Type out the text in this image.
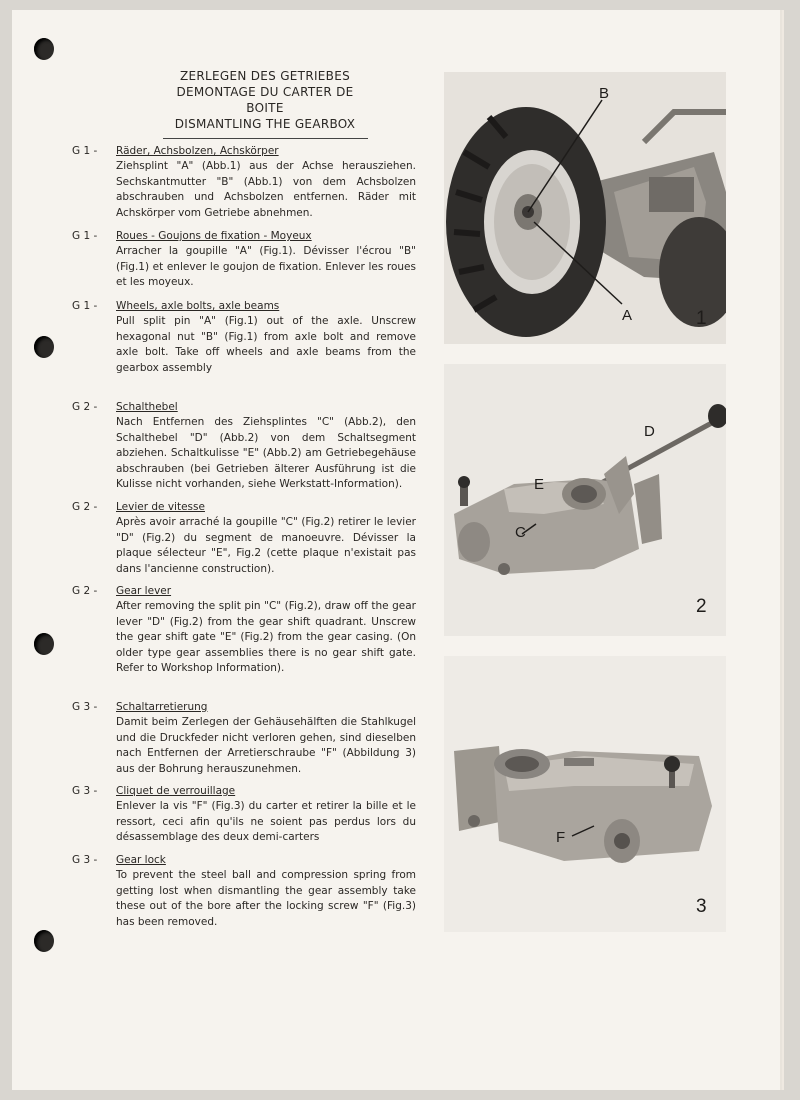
ZERLEGEN DES GETRIEBES
DEMONTAGE DU CARTER DE BOITE
DISMANTLING THE GEARBOX
G 1 -	Räder, Achsbolzen, Achskörper
Ziehsplint "A" (Abb.1) aus der Achse herausziehen. Sechskantmutter "B" (Abb.1) von dem Achsbolzen abschrauben und Achsbolzen entfernen. Räder mit Achskörper vom Getriebe abnehmen.
G 1 -	Roues - Goujons de fixation - Moyeux
Arracher la goupille "A" (Fig.1). Dévisser l'écrou "B" (Fig.1) et enlever le goujon de fixation. Enlever les roues et les moyeux.
G 1 -	Wheels, axle bolts, axle beams
Pull split pin "A" (Fig.1) out of the axle. Unscrew hexagonal nut "B" (Fig.1) from axle bolt and remove axle bolt. Take off wheels and axle beams from the gearbox assembly
G 2 -	Schalthebel
Nach Entfernen des Ziehsplintes "C" (Abb.2), den Schalthebel "D" (Abb.2) von dem Schaltsegment abziehen. Schaltkulisse "E" (Abb.2) am Getriebegehäuse abschrauben (bei Getrieben älterer Ausführung ist die Kulisse nicht vorhanden, siehe Werkstatt-Information).
G 2 -	Levier de vitesse
Après avoir arraché la goupille "C" (Fig.2) retirer le levier "D" (Fig.2) du segment de manoeuvre. Dévisser la plaque sélecteur "E", Fig.2 (cette plaque n'existait pas dans l'ancienne construction).
G 2 -	Gear lever
After removing the split pin "C" (Fig.2), draw off the gear lever "D" (Fig.2) from the gear shift quadrant. Unscrew the gear shift gate "E" (Fig.2) from the gear casing. (On older type gear assemblies there is no gear shift gate. Refer to Workshop Information).
G 3 -	Schaltarretierung
Damit beim Zerlegen der Gehäusehälften die Stahlkugel und die Druckfeder nicht verloren gehen, sind dieselben nach Entfernen der Arretierschraube "F" (Abbildung 3) aus der Bohrung herauszunehmen.
G 3 -	Cliquet de verrouillage
Enlever la vis "F" (Fig.3) du carter et retirer la bille et le ressort, ceci afin qu'ils ne soient pas perdus lors du désassemblage des deux demi-carters
G 3 -	Gear lock
To prevent the steel ball and compression spring from getting lost when dismantling the gear assembly take these out of the bore after the locking screw "F" (Fig.3) has been removed.
B
A	1
D
E
C
2
F
3
